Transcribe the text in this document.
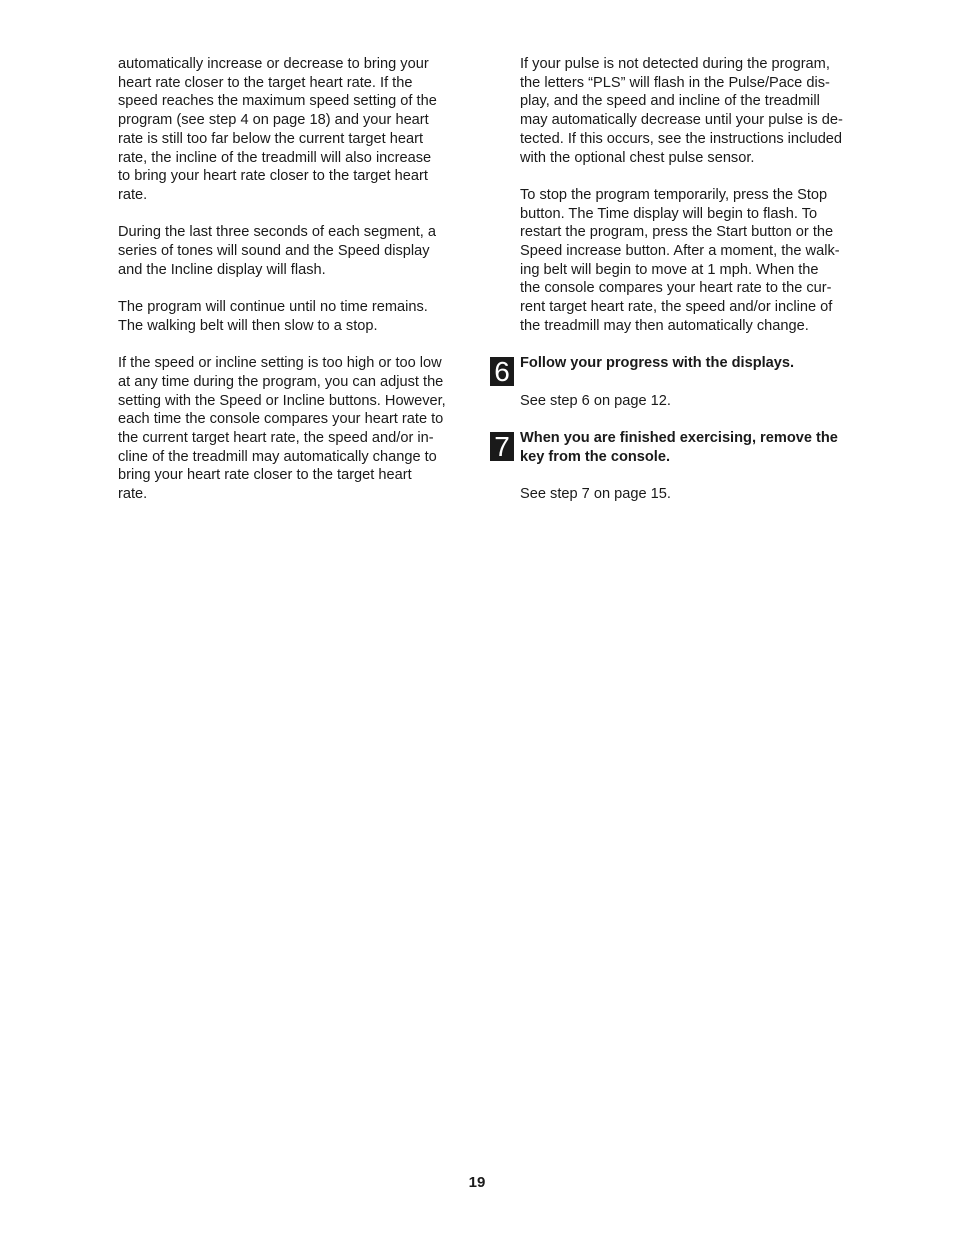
automatically increase or decrease to bring your
heart rate closer to the target heart rate. If the
speed reaches the maximum speed setting of the
program (see step 4 on page 18) and your heart
rate is still too far below the current target heart
rate, the incline of the treadmill will also increase
to bring your heart rate closer to the target heart
rate.

During the last three seconds of each segment, a
series of tones will sound and the Speed display
and the Incline display will flash.

The program will continue until no time remains.
The walking belt will then slow to a stop.

If the speed or incline setting is too high or too low
at any time during the program, you can adjust the
setting with the Speed or Incline buttons. However,
each time the console compares your heart rate to
the current target heart rate, the speed and/or in-
cline of the treadmill may automatically change to
bring your heart rate closer to the target heart
rate.

If your pulse is not detected during the program,
the letters “PLS” will flash in the Pulse/Pace dis-
play, and the speed and incline of the treadmill
may automatically decrease until your pulse is de-
tected. If this occurs, see the instructions included
with the optional chest pulse sensor.

To stop the program temporarily, press the Stop
button. The Time display will begin to flash. To
restart the program, press the Start button or the
Speed increase button. After a moment, the walk-
ing belt will begin to move at 1 mph. When the
the console compares your heart rate to the cur-
rent target heart rate, the speed and/or incline of
the treadmill may then automatically change.

6 Follow your progress with the displays.

See step 6 on page 12.

7 When you are finished exercising, remove the
key from the console.

See step 7 on page 15.

19
